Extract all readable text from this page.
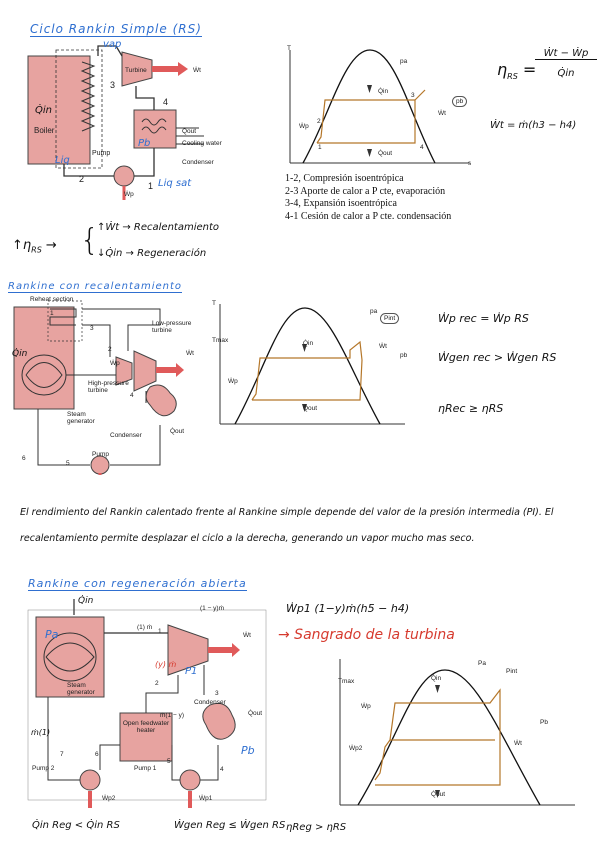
Ciclo Rankin Simple (RS)
vap
Turbine	Ẇt
3
4
Q̇in
Boiler	Q̇out
Cooling water
Condenser
Pb
Pump
Liq
2
1 Liq sat
Ẇp
T
s
pa
pb
Q̇in
Q̇out
Ẇt
Ẇp
1
2
3
4
1-2, Compresión isoentrópica
2-3 Aporte de calor a P cte, evaporación
3-4, Expansión isoentrópica
4-1 Cesión de calor a P cte. condensación
$\eta_{RS}$ =
Ẇt − Ẇp
Q̇in
Ẇt = ṁ(h3 − h4)
$↑\eta_{RS}$ → {
↑Ẇt → Recalentamiento
↓Q̇in → Regeneración
Rankine con recalentamiento
Reheat section
Low-pressure turbine
High-pressure turbine
Steam generator
Condenser
Pump
Q̇in
Q̇out
Ẇt
Ẇp
1
2
3
4
5
6
T
Tmax
pa
Pint
pb
Q̇in
Q̇out
Ẇt
Ẇp
Ẇp rec = Ẇp RS
Ẇgen rec > Ẇgen RS
ηRec ≥ ηRS
El rendimiento del Rankin calentado frente al Rankine simple depende del valor de la presión intermedia (PI). El recalentamiento permite desplazar el ciclo a la derecha, generando un vapor mucho mas seco.
Rankine con regeneración abierta
Q̇in
Pa
Steam generator
(1) ṁ
(1 − y)ṁ
(y) ṁ
P1
Condenser
Open feedwater heater
ṁ(1 − y)
Pump 2	Pump 1
Ẇp2	Ẇp1
Q̇out
Ẇt
Pb
ṁ(1)
1
2
3
4
5
6
7
Ẇp1 (1−y)ṁ(h5 − h4)
→ Sangrado de la turbina
Tmax
Pa
Pint
Pb
Q̇in
Q̇out
Ẇt
Ẇp
Ẇp2
Q̇in Reg < Q̇in RS	Ẇgen Reg ≤ Ẇgen RS ηReg > ηRS
